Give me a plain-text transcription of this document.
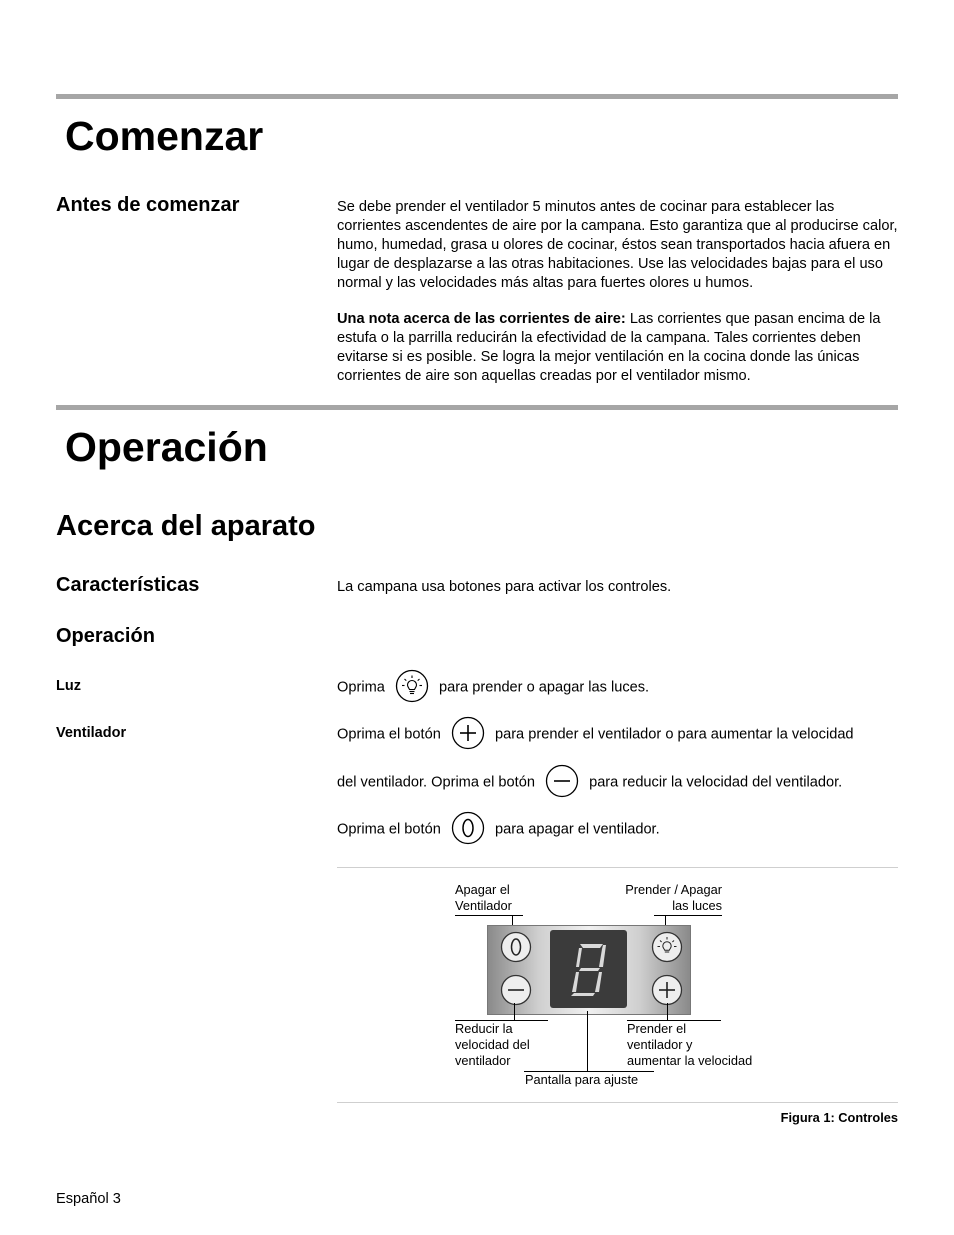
Comenzar
Antes de comenzar	Se debe prender el ventilador 5 minutos antes de cocinar para establecer las corrientes ascendentes de aire por la campana. Esto garantiza que al producirse calor, humo, humedad, grasa u olores de cocinar, éstos sean transportados hacia afuera en lugar de desplazarse a las otras habitaciones. Use las velocidades bajas para el uso normal y las velocidades más altas para fuertes olores u humos.

Una nota acerca de las corrientes de aire: Las corrientes que pasan encima de la estufa o la parrilla reducirán la efectividad de la campana. Tales corrientes deben evitarse si es posible. Se logra la mejor ventilación en la cocina donde las únicas corrientes de aire son aquellas creadas por el ventilador mismo.

Operación
Acerca del aparato
Características	La campana usa botones para activar los controles.
Operación
Luz	Oprima	para prender o apagar las luces.
Ventilador	Oprima el botón	para prender el ventilador o para aumentar la velocidad
del ventilador. Oprima el botón	para reducir la velocidad del ventilador.
Oprima el botón	para apagar el ventilador.
Apagar el
Ventilador
Prender / Apagar
las luces
Reducir la
velocidad del
ventilador
Prender el
ventilador y
aumentar la velocidad
Pantalla para ajuste
Figura 1: Controles
Español 3
